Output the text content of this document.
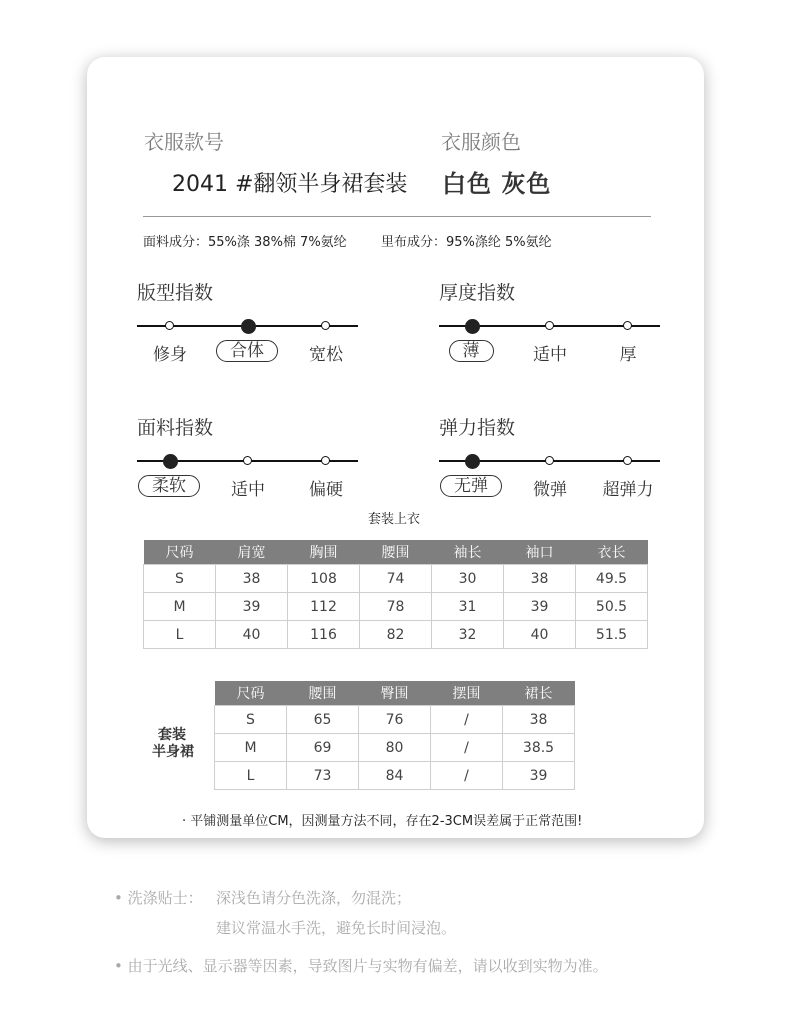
衣服款号
2041 #翻领半身裙套装
衣服颜色
白色 灰色
面料成分：55%涤 38%棉 7%氨纶	里布成分：95%涤纶 5%氨纶
版型指数
修身	合体	宽松
厚度指数
薄	适中	厚
面料指数
柔软	适中	偏硬
弹力指数
无弹	微弹	超弹力
套装上衣
尺码	肩宽	胸围	腰围	袖长	袖口	衣长
S	38	108	74	30	38	49.5
M	39	112	78	31	39	50.5
L	40	116	82	32	40	51.5
套装
半身裙
尺码	腰围	臀围	摆围	裙长
S	65	76	/	38
M	69	80	/	38.5
L	73	84	/	39
· 平铺测量单位CM，因测量方法不同，存在2-3CM误差属于正常范围!
• 洗涤贴士： 深浅色请分色洗涤，勿混洗；
建议常温水手洗，避免长时间浸泡。
• 由于光线、显示器等因素，导致图片与实物有偏差，请以收到实物为准。
